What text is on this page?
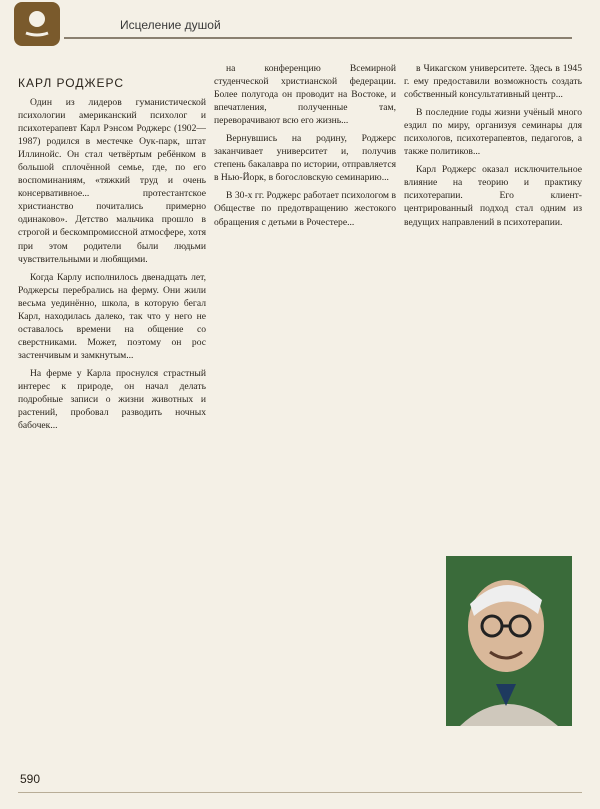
Исцеление душой
КАРЛ РОДЖЕРС

Один из лидеров гуманистической психологии американский психолог и психотерапевт Карл Рэнсом Роджерс (1902—1987) родился в местечке Оук-парк, штат Иллинойс. Он стал четвёртым ребёнком в большой сплочённой семье, где, по его воспоминаниям, «тяжкий труд и очень консервативное... протестантское христианство почитались примерно одинаково». Детство мальчика прошло в строгой и бескомпромиссной атмосфере, хотя при этом родители были людьми чувствительными и любящими.

Когда Карлу исполнилось двенадцать лет, Роджерсы перебрались на ферму. Они жили весьма уединённо, школа, в которую бегал Карл, находилась далеко, так что у него не оставалось времени на общение со сверстниками. Может, поэтому он рос застенчивым и замкнутым...

На ферме у Карла проснулся страстный интерес к природе, он начал делать подробные записи о жизни животных и растений, пробовал разводить ночных бабочек...

на конференцию Всемирной студенческой христианской федерации. Более полугода он проводит на Востоке, и впечатления, полученные там, переворачивают всю его жизнь...

Вернувшись на родину, Роджерс заканчивает университет и, получив степень бакалавра по истории, отправляется в Нью-Йорк, в богословскую семинарию...

В 30-х гг. Роджерс работает психологом в Обществе по предотвращению жестокого обращения с детьми в Рочестере...

в Чикагском университете. Здесь в 1945 г. ему предоставили возможность создать собственный консультативный центр...

В последние годы жизни учёный много ездил по миру, организуя семинары для психологов, психотерапевтов, педагогов, а также политиков...

Карл Роджерс оказал исключительное влияние на теорию и практику психотерапии. Его клиент-центрированный подход стал одним из ведущих направлений в психотерапии.

590
